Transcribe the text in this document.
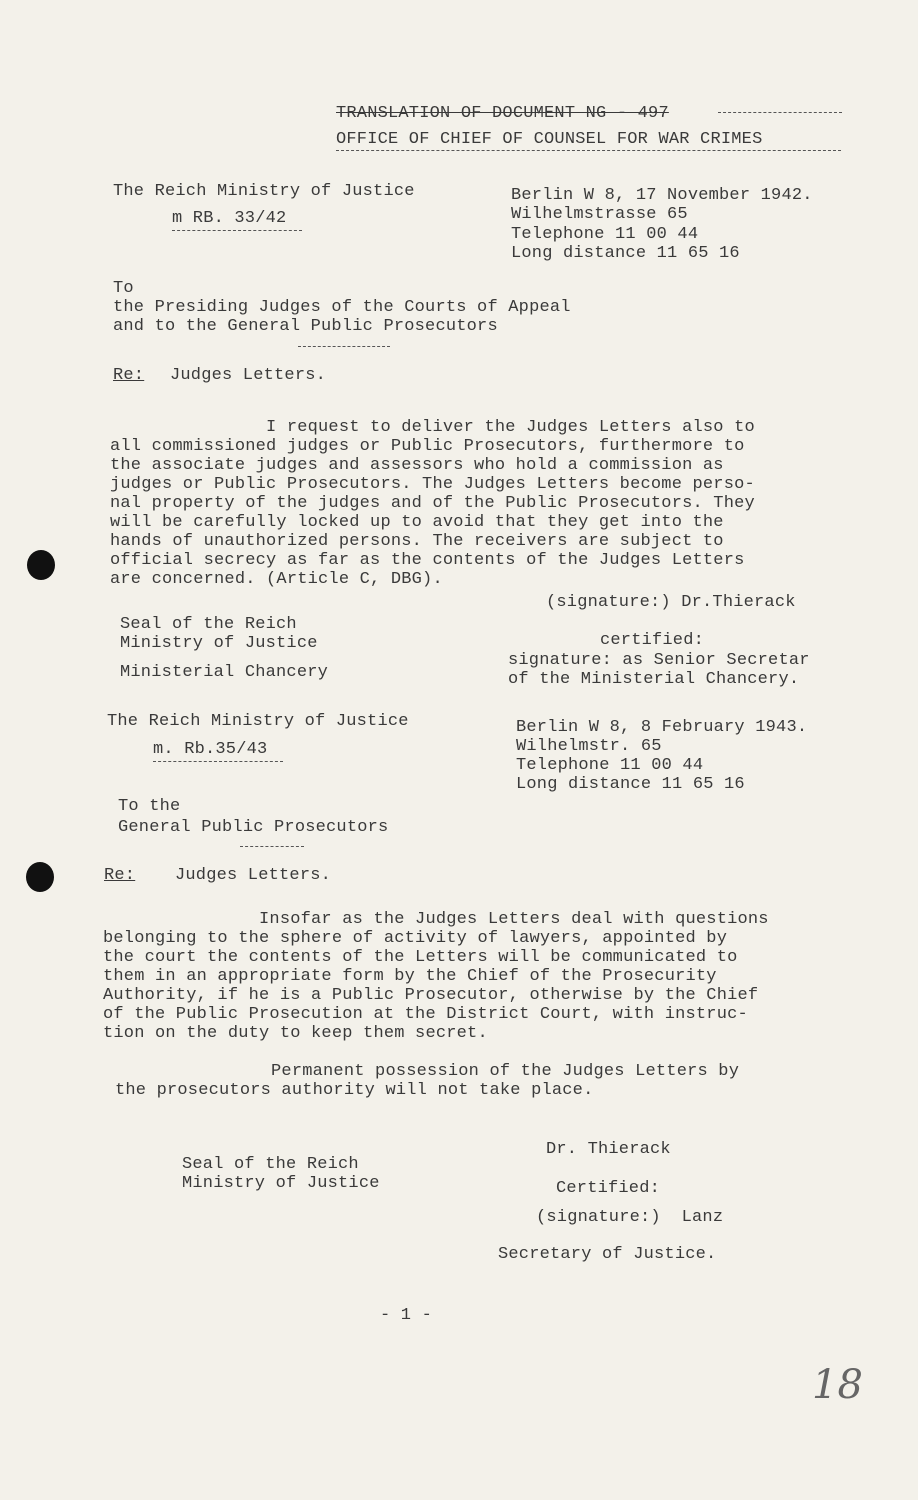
TRANSLATION OF DOCUMENT NG - 497
OFFICE OF CHIEF OF COUNSEL FOR WAR CRIMES
The Reich Ministry of Justice
m RB. 33/42
Berlin W 8, 17 November 1942.
Wilhelmstrasse 65
Telephone 11 00 44
Long distance 11 65 16
To
the Presiding Judges of the Courts of Appeal
and to the General Public Prosecutors
Re: Judges Letters.
I request to deliver the Judges Letters also to
all commissioned judges or Public Prosecutors, furthermore to
the associate judges and assessors who hold a commission as
judges or Public Prosecutors. The Judges Letters become perso-
nal property of the judges and of the Public Prosecutors. They
will be carefully locked up to avoid that they get into the
hands of unauthorized persons. The receivers are subject to
official secrecy as far as the contents of the Judges Letters
are concerned. (Article C, DBG).
(signature:) Dr.Thierack
Seal of the Reich
Ministry of Justice
Ministerial Chancery
certified:
signature: as Senior Secretar
of the Ministerial Chancery.
The Reich Ministry of Justice
m. Rb.35/43
Berlin W 8, 8 February 1943.
Wilhelmstr. 65
Telephone 11 00 44
Long distance 11 65 16
To the
General Public Prosecutors
Re: Judges Letters.
Insofar as the Judges Letters deal with questions
belonging to the sphere of activity of lawyers, appointed by
the court the contents of the Letters will be communicated to
them in an appropriate form by the Chief of the Prosecurity
Authority, if he is a Public Prosecutor, otherwise by the Chief
of the Public Prosecution at the District Court, with instruc-
tion on the duty to keep them secret.
Permanent possession of the Judges Letters by
the prosecutors authority will not take place.
Dr. Thierack
Seal of the Reich
Ministry of Justice	Certified:
(signature:)  Lanz
Secretary of Justice.
- 1 -
18
